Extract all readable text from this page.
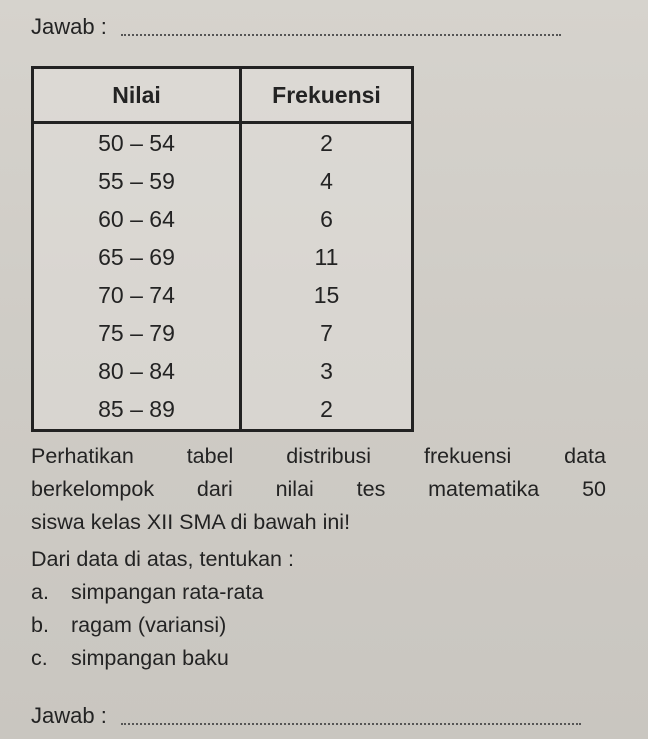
Jawab :
Nilai	Frekuensi
50 – 54	2
55 – 59	4
60 – 64	6
65 – 69	11
70 – 74	15
75 – 79	7
80 – 84	3
85 – 89	2

Perhatikan tabel distribusi frekuensi data

berkelompok dari nilai tes matematika 50

siswa kelas XII SMA di bawah ini!

Dari data di atas, tentukan :

a. simpangan rata-rata

b. ragam (variansi)

c. simpangan baku

Jawab :
